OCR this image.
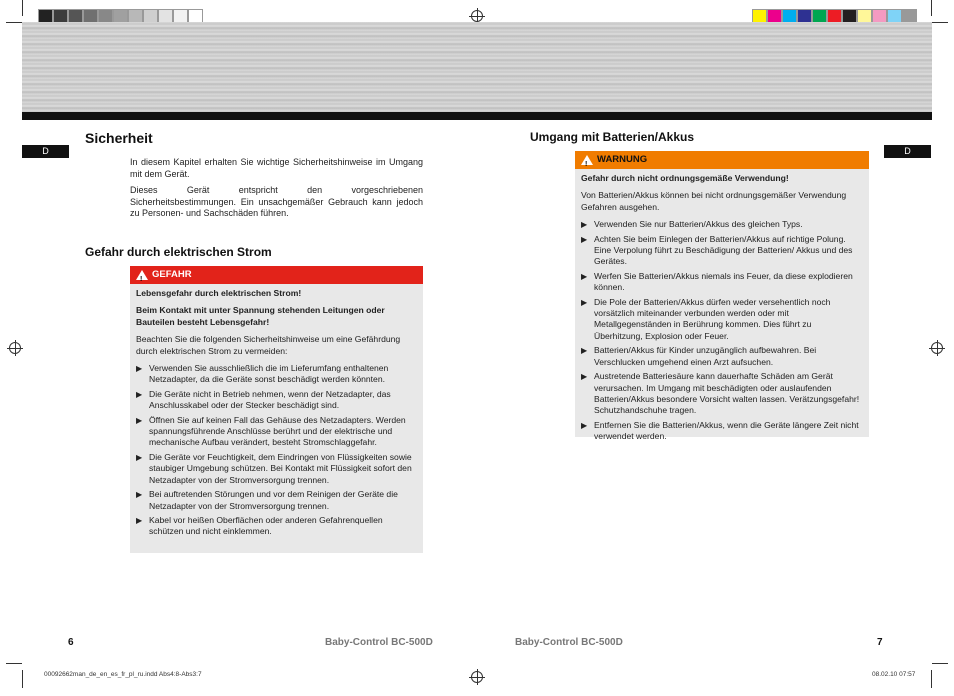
D	D
Sicherheit
In diesem Kapitel erhalten Sie wichtige Sicherheitshinweise im Umgang mit dem Gerät.
Dieses Gerät entspricht den vorgeschriebenen Sicherheitsbestimmungen. Ein unsachgemäßer Gebrauch kann jedoch zu Personen- und Sachschäden führen.
Gefahr durch elektrischen Strom
! GEFAHR

Lebensgefahr durch elektrischen Strom!

Beim Kontakt mit unter Spannung stehenden Leitungen oder Bauteilen besteht Lebensgefahr!

Beachten Sie die folgenden Sicherheitshinweise um eine Gefährdung durch elektrischen Strom zu vermeiden:

▶ Verwenden Sie ausschließlich die im Lieferumfang enthaltenen Netzadapter, da die Geräte sonst beschädigt werden könnten.
▶ Die Geräte nicht in Betrieb nehmen, wenn der Netzadapter, das Anschlusskabel oder der Stecker beschädigt sind.
▶ Öffnen Sie auf keinen Fall das Gehäuse des Netzadapters. Werden spannungsführende Anschlüsse berührt und der elektrische und mechanische Aufbau verändert, besteht Stromschlaggefahr.
▶ Die Geräte vor Feuchtigkeit, dem Eindringen von Flüssigkeiten sowie staubiger Umgebung schützen. Bei Kontakt mit Flüssigkeit sofort den Netzadapter von der Stromversorgung trennen.
▶ Bei auftretenden Störungen und vor dem Reinigen der Geräte die Netzadapter von der Stromversorgung trennen.
▶ Kabel vor heißen Oberflächen oder anderen Gefahrenquellen schützen und nicht einklemmen.
6	Baby-Control BC-500D
Umgang mit Batterien/Akkus
! WARNUNG

Gefahr durch nicht ordnungsgemäße Verwendung!

Von Batterien/Akkus können bei nicht ordnungsgemäßer Verwendung Gefahren ausgehen.

▶ Verwenden Sie nur Batterien/Akkus des gleichen Typs.
▶ Achten Sie beim Einlegen der Batterien/Akkus auf richtige Polung. Eine Verpolung führt zu Beschädigung der Batterien/ Akkus und des Gerätes.
▶ Werfen Sie Batterien/Akkus niemals ins Feuer, da diese explodieren können.
▶ Die Pole der Batterien/Akkus dürfen weder versehentlich noch vorsätzlich miteinander verbunden werden oder mit Metallgegenständen in Berührung kommen. Dies führt zu Überhitzung, Explosion oder Feuer.
▶ Batterien/Akkus für Kinder unzugänglich aufbewahren. Bei Verschlucken umgehend einen Arzt aufsuchen.
▶ Austretende Batteriesäure kann dauerhafte Schäden am Gerät verursachen. Im Umgang mit beschädigten oder auslaufenden Batterien/Akkus besondere Vorsicht walten lassen. Verätzungsgefahr! Schutzhandschuhe tragen.
▶ Entfernen Sie die Batterien/Akkus, wenn die Geräte längere Zeit nicht verwendet werden.
Baby-Control BC-500D	7
00092662man_de_en_es_fr_pl_ru.indd Abs4:8-Abs3:7	08.02.10 07:57
